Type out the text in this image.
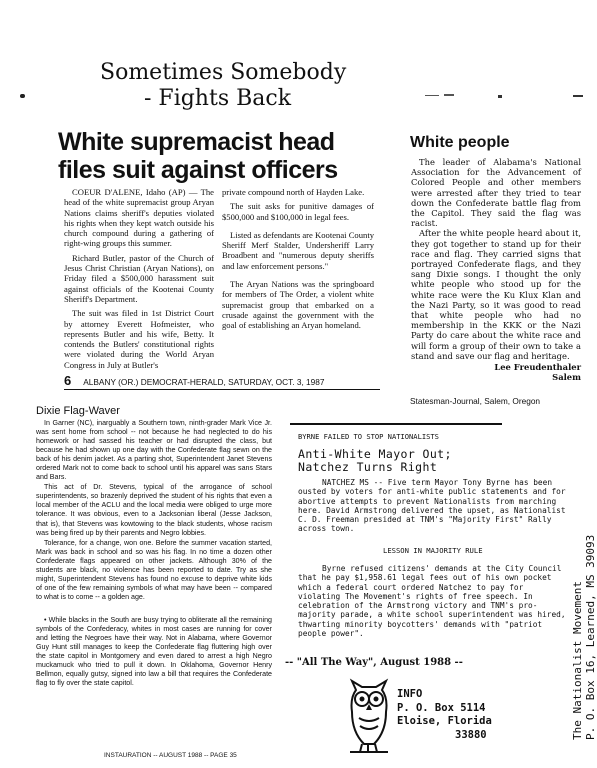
Sometimes Somebody
- Fights Back
White supremacist head files suit against officers

COEUR D'ALENE, Idaho (AP) — The head of the white supremacist group Aryan Nations claims sheriff's deputies violated his rights when they kept watch outside his church compound during a gathering of right-wing groups this summer.

Richard Butler, pastor of the Church of Jesus Christ Christian (Aryan Nations), on Friday filed a $500,000 harassment suit against officials of the Kootenai County Sheriff's Department.

The suit was filed in 1st District Court by attorney Everett Hofmeister, who represents Butler and his wife, Betty. It contends the Butlers' constitutional rights were violated during the World Aryan Congress in July at Butler's

private compound north of Hayden Lake.

The suit asks for punitive damages of $500,000 and $100,000 in legal fees.

Listed as defendants are Kootenai County Sheriff Merf Stalder, Undersheriff Larry Broadbent and "numerous deputy sheriffs and law enforcement persons."

The Aryan Nations was the springboard for members of The Order, a violent white supremacist group that embarked on a crusade against the government with the goal of establishing an Aryan homeland.

6 ALBANY (OR.) DEMOCRAT-HERALD, SATURDAY, OCT. 3, 1987
White people

The leader of Alabama's National Association for the Advancement of Colored People and other members were arrested after they tried to tear down the Confederate battle flag from the Capitol. They said the flag was racist.

After the white people heard about it, they got together to stand up for their race and flag. They carried signs that portrayed Confederate flags, and they sang Dixie songs. I thought the only white people who stood up for the white race were the Ku Klux Klan and the Nazi Party, so it was good to read that white people who had no membership in the KKK or the Nazi Party do care about the white race and will form a group of their own to take a stand and save our flag and heritage.

Lee Freudenthaler
Salem
Statesman-Journal, Salem, Oregon
Dixie Flag-Waver

In Garner (NC), inarguably a Southern town, ninth-grader Mark Vice Jr. was sent home from school -- not because he had neglected to do his homework or had sassed his teacher or had disrupted the class, but because he had shown up one day with the Confederate flag sewn on the back of his denim jacket. As a parting shot, Superintendent Janet Stevens ordered Mark not to come back to school until his apparel was sans Stars and Bars.

This act of Dr. Stevens, typical of the arrogance of school superintendents, so brazenly deprived the student of his rights that even a local member of the ACLU and the local media were obliged to urge more tolerance. It was obvious, even to a Jacksonian liberal (Jesse Jackson, that is), that Stevens was kowtowing to the black students, whose racism was being fired up by their parents and Negro lobbies.

Tolerance, for a change, won one. Before the summer vacation started, Mark was back in school and so was his flag. In no time a dozen other Confederate flags appeared on other jackets. Although 30% of the students are black, no violence has been reported to date. Try as she might, Superintendent Stevens has found no excuse to deprive white kids of one of the few remaining symbols of what may have been -- compared to what is to come -- a golden age.

• While blacks in the South are busy trying to obliterate all the remaining symbols of the Confederacy, whites in most cases are running for cover and letting the Negroes have their way. Not in Alabama, where Governor Guy Hunt still manages to keep the Confederate flag fluttering high over the state capitol in Montgomery and even dared to arrest a high Negro muckamuck who tried to pull it down. In Oklahoma, Governor Henry Bellmon, equally gutsy, signed into law a bill that requires the Confederate flag to fly over the state capitol.

INSTAURATION -- AUGUST 1988 -- PAGE 35
BYRNE FAILED TO STOP NATIONALISTS
Anti-White Mayor Out;
Natchez Turns Right
NATCHEZ MS -- Five term Mayor Tony Byrne has been ousted by voters for anti-white public statements and for abortive attempts to prevent Nationalists from marching here. David Armstrong delivered the upset, as Nationalist C. D. Freeman presided at TNM's "Majority First" Rally across town.
LESSON IN MAJORITY RULE
Byrne refused citizens' demands at the City Council that he pay $1,958.61 legal fees out of his own pocket which a federal court ordered Natchez to pay for violating The Movement's rights of free speech. In celebration of the Armstrong victory and TNM's pro-majority parade, a white school superintendent was hired, thwarting minority boycotters' demands with "patriot people power".
-- "All The Way", August 1988 --	The Nationalist Movement P. O. Box 16, Learned, MS 39093
INFO
P. O. Box 5114
Eloise, Florida
33880
